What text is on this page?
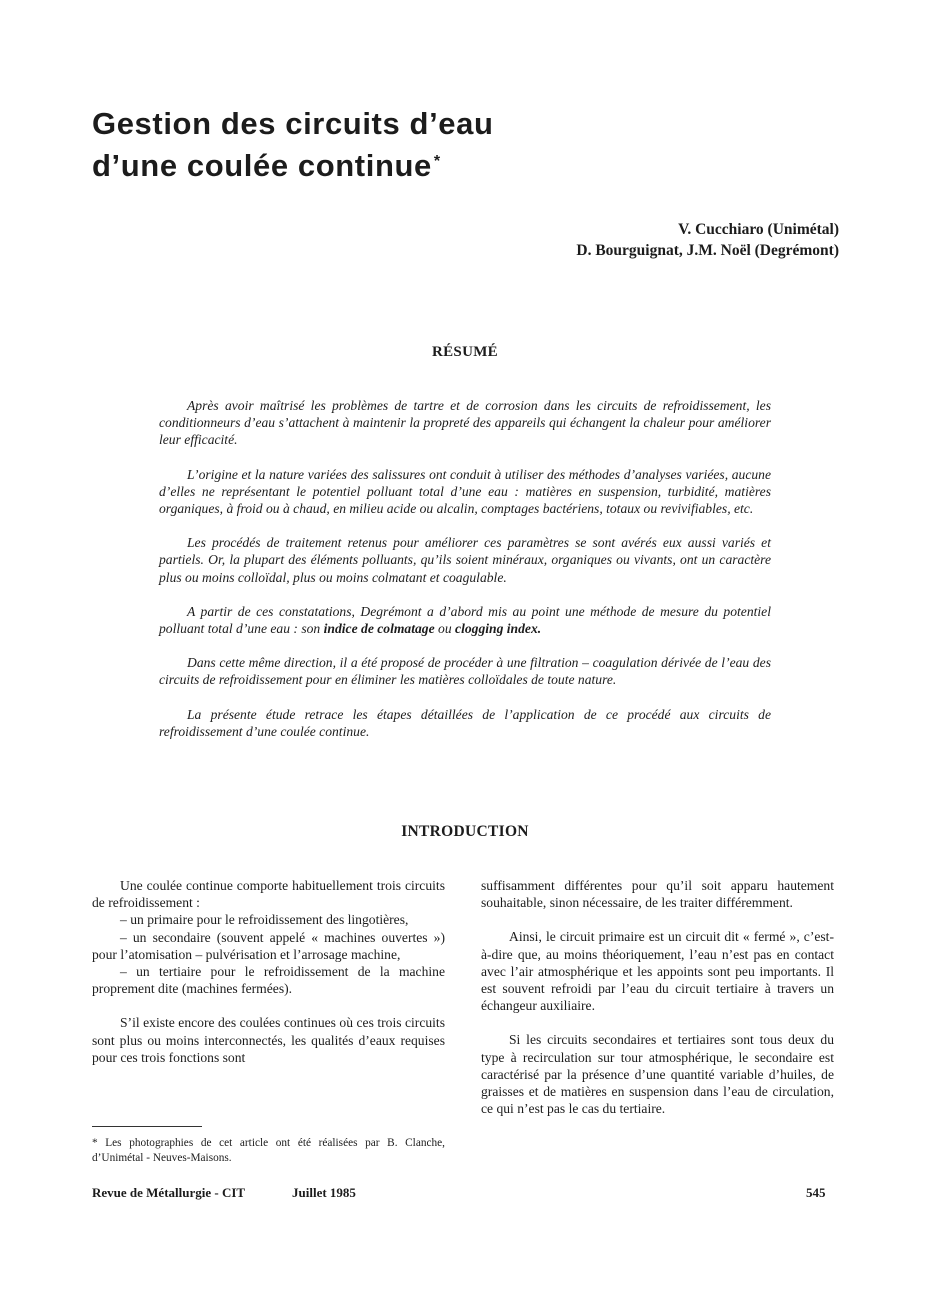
Gestion des circuits d’eau
d’une coulée continue *
V. Cucchiaro (Unimétal)
D. Bourguignat, J.M. Noël (Degrémont)
RÉSUMÉ

Après avoir maîtrisé les problèmes de tartre et de corrosion dans les circuits de refroidissement, les conditionneurs d’eau s’attachent à maintenir la propreté des appareils qui échangent la chaleur pour améliorer leur efficacité.

L’origine et la nature variées des salissures ont conduit à utiliser des méthodes d’analyses variées, aucune d’elles ne représentant le potentiel polluant total d’une eau : matières en suspension, turbidité, matières organiques, à froid ou à chaud, en milieu acide ou alcalin, comptages bactériens, totaux ou revivifiables, etc.

Les procédés de traitement retenus pour améliorer ces paramètres se sont avérés eux aussi variés et partiels. Or, la plupart des éléments polluants, qu’ils soient minéraux, organiques ou vivants, ont un caractère plus ou moins colloïdal, plus ou moins colmatant et coagulable.

A partir de ces constatations, Degrémont a d’abord mis au point une méthode de mesure du potentiel polluant total d’une eau : son indice de colmatage ou clogging index.

Dans cette même direction, il a été proposé de procéder à une filtration – coagulation dérivée de l’eau des circuits de refroidissement pour en éliminer les matières colloïdales de toute nature.

La présente étude retrace les étapes détaillées de l’application de ce procédé aux circuits de refroidissement d’une coulée continue.

INTRODUCTION

Une coulée continue comporte habituellement trois circuits de refroidissement :

– un primaire pour le refroidissement des lingotières,
– un secondaire (souvent appelé « machines ouvertes ») pour l’atomisation – pulvérisation et l’arrosage machine,
– un tertiaire pour le refroidissement de la machine proprement dite (machines fermées).

S’il existe encore des coulées continues où ces trois circuits sont plus ou moins interconnectés, les qualités d’eaux requises pour ces trois fonctions sont

* Les photographies de cet article ont été réalisées par B. Clanche, d’Unimétal - Neuves-Maisons.

suffisamment différentes pour qu’il soit apparu hautement souhaitable, sinon nécessaire, de les traiter différemment.

Ainsi, le circuit primaire est un circuit dit « fermé », c’est-à-dire que, au moins théoriquement, l’eau n’est pas en contact avec l’air atmosphérique et les appoints sont peu importants. Il est souvent refroidi par l’eau du circuit tertiaire à travers un échangeur auxiliaire.

Si les circuits secondaires et tertiaires sont tous deux du type à recirculation sur tour atmosphérique, le secondaire est caractérisé par la présence d’une quantité variable d’huiles, de graisses et de matières en suspension dans l’eau de circulation, ce qui n’est pas le cas du tertiaire.

Revue de Métallurgie - CIT	Juillet 1985	545
